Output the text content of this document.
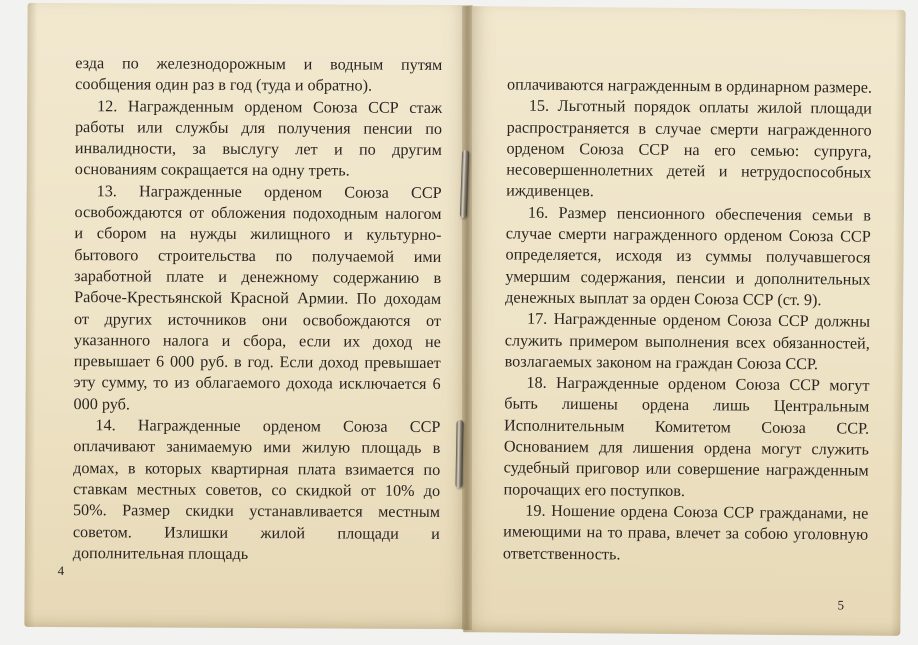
езда по железнодорожным и водным путям сообщения один раз в год (туда и обратно).

12. Награжденным орденом Союза ССР стаж работы или службы для получения пенсии по инвалидности, за выслугу лет и по другим основаниям сокращается на одну треть.

13. Награжденные орденом Союза ССР освобождаются от обложения подоходным налогом и сбором на нужды жилищного и культурно-бытового строительства по получаемой ими заработной плате и денежному содержанию в Рабоче-Крестьянской Красной Армии. По доходам от других источников они освобождаются от указанного налога и сбора, если их доход не превышает 6 000 руб. в год. Если доход превышает эту сумму, то из облагаемого дохода исключается 6 000 руб.

14. Награжденные орденом Союза ССР оплачивают занимаемую ими жилую площадь в домах, в которых квартирная плата взимается по ставкам местных советов, со скидкой от 10% до 50%. Размер скидки устанавливается местным советом. Излишки жилой площади и дополнительная площадь

4

оплачиваются награжденным в ординарном размере.

15. Льготный порядок оплаты жилой площади распространяется в случае смерти награжденного орденом Союза ССР на его семью: супруга, несовершеннолетних детей и нетрудоспособных иждивенцев.

16. Размер пенсионного обеспечения семьи в случае смерти награжденного орденом Союза ССР определяется, исходя из суммы получавшегося умершим содержания, пенсии и дополнительных денежных выплат за орден Союза ССР (ст. 9).

17. Награжденные орденом Союза ССР должны служить примером выполнения всех обязанностей, возлагаемых законом на граждан Союза ССР.

18. Награжденные орденом Союза ССР могут быть лишены ордена лишь Центральным Исполнительным Комитетом Союза ССР. Основанием для лишения ордена могут служить судебный приговор или совершение награжденным порочащих его поступков.

19. Ношение ордена Союза ССР гражданами, не имеющими на то права, влечет за собою уголовную ответственность.

5
